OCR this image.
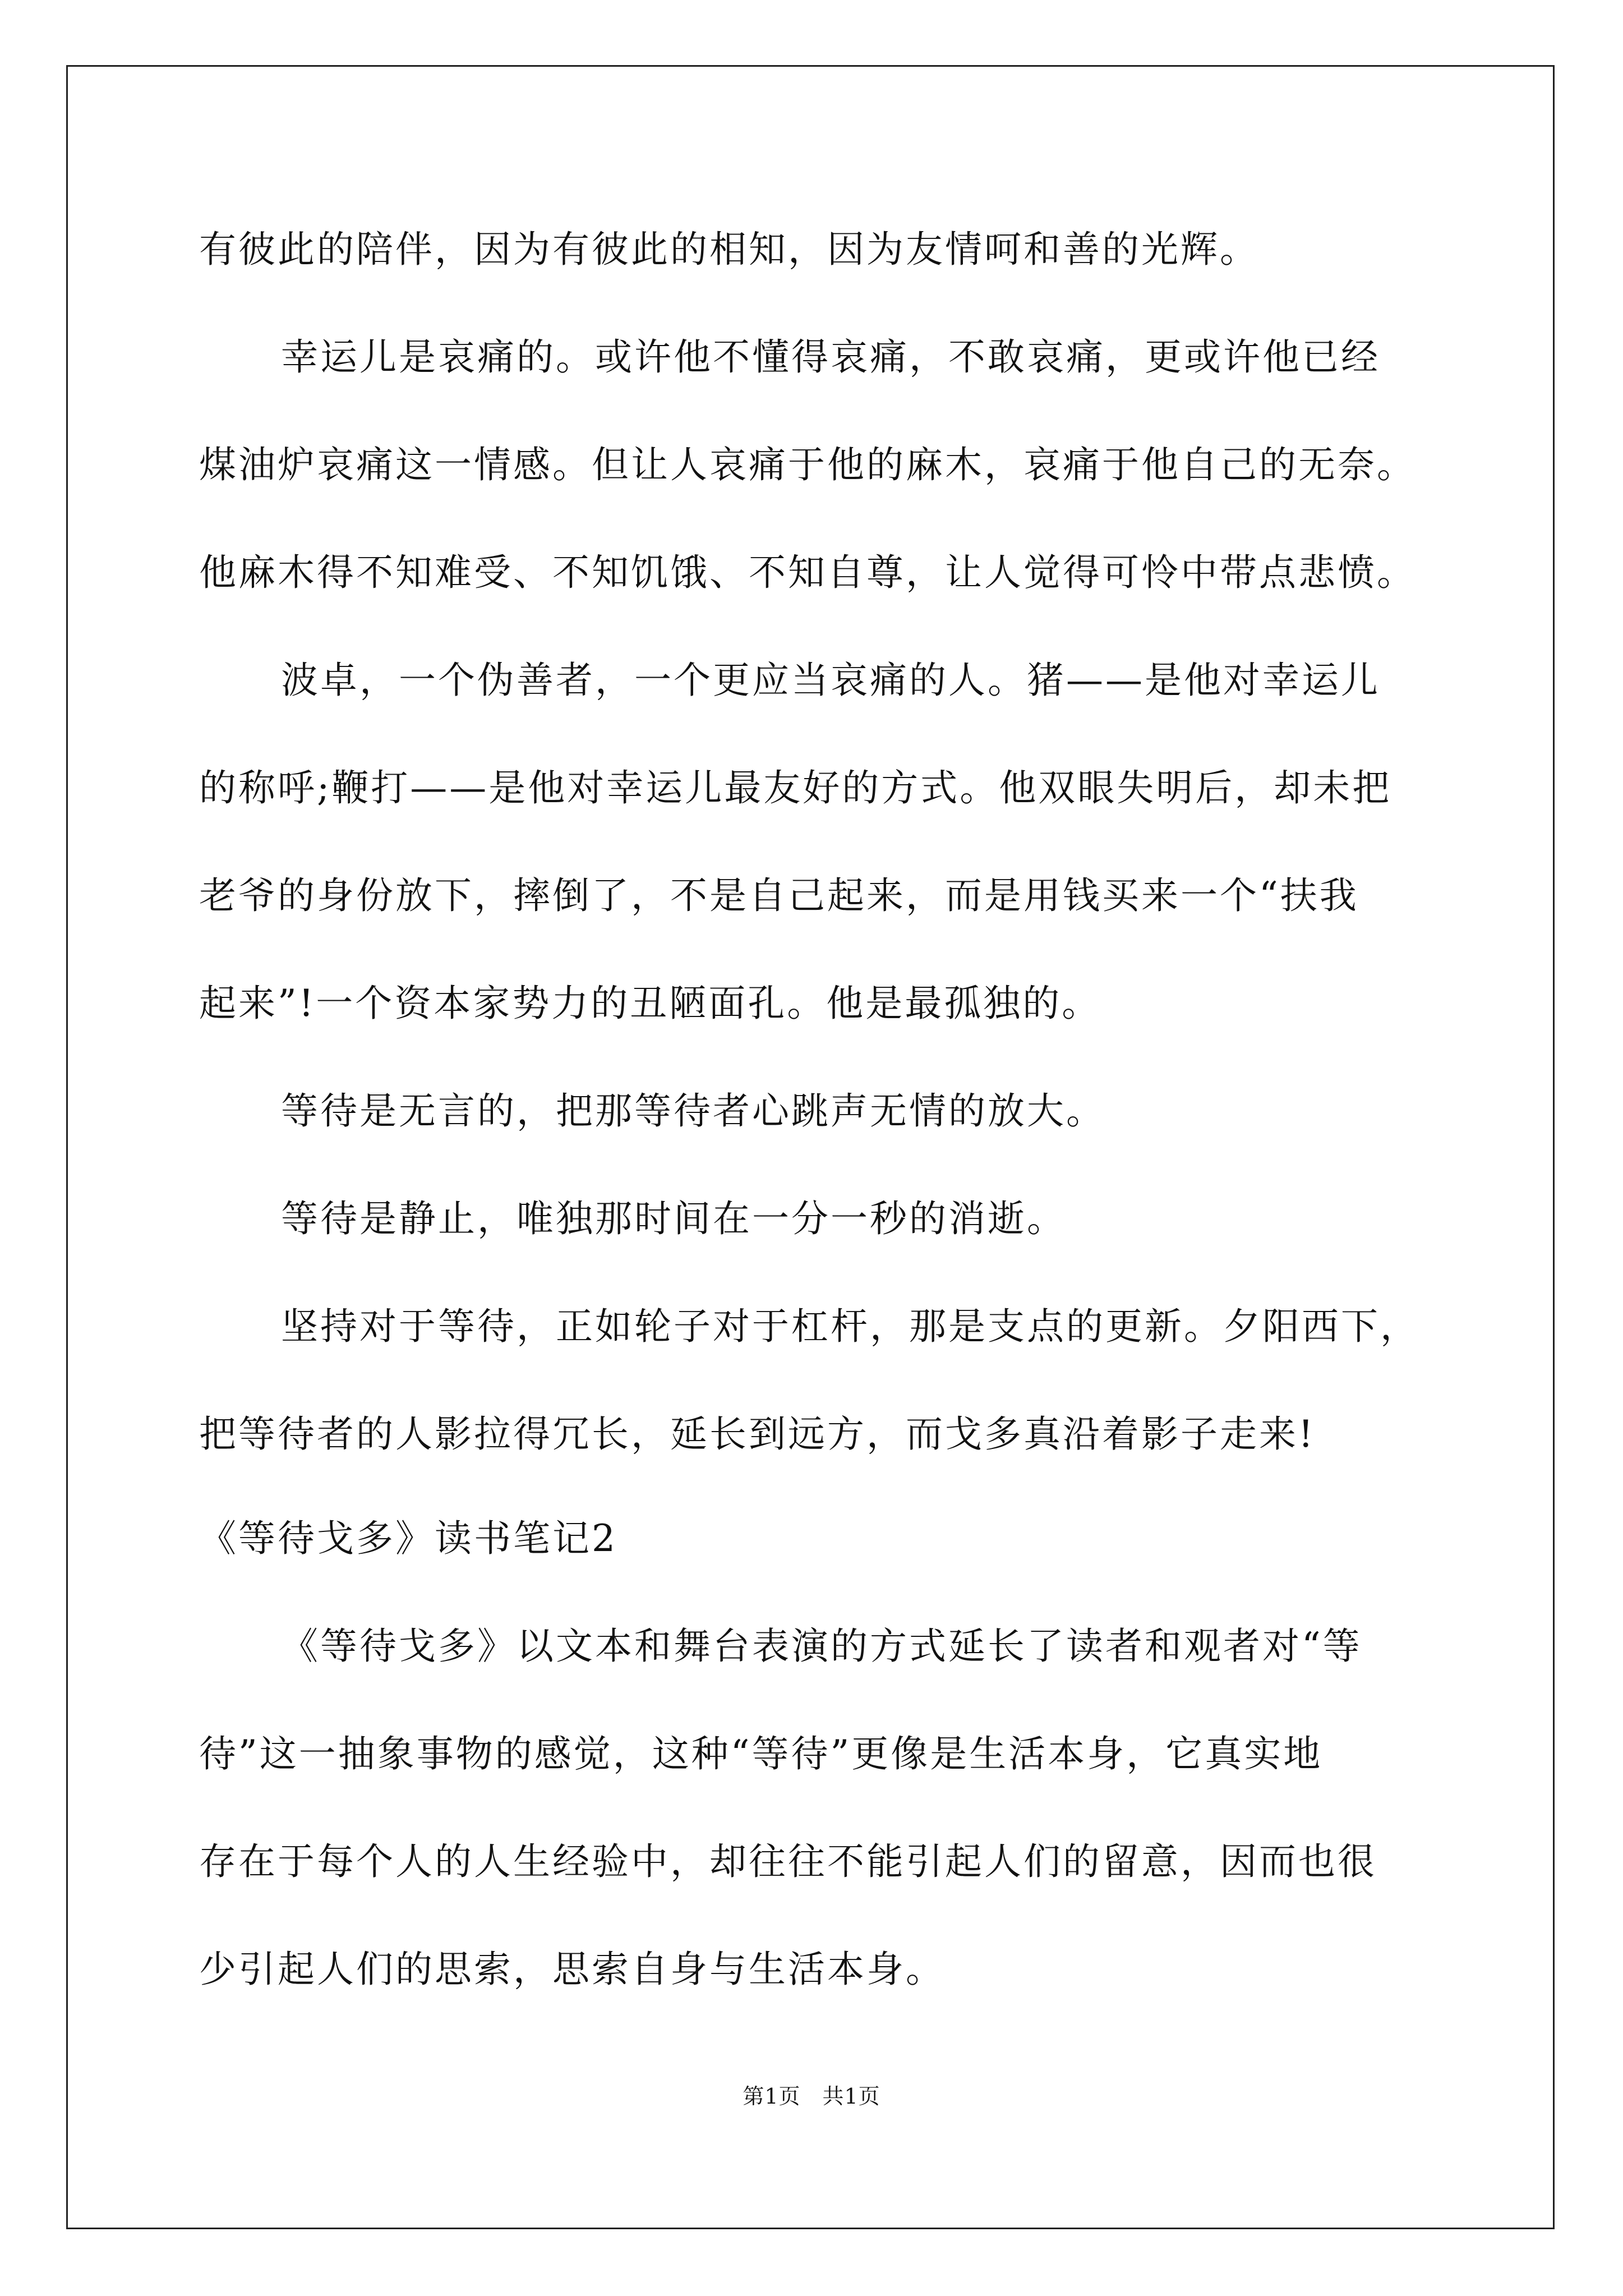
有彼此的陪伴，因为有彼此的相知，因为友情呵和善的光辉。
幸运儿是哀痛的。或许他不懂得哀痛，不敢哀痛，更或许他已经
煤油炉哀痛这一情感。但让人哀痛于他的麻木，哀痛于他自己的无奈。
他麻木得不知难受、不知饥饿、不知自尊，让人觉得可怜中带点悲愤。
波卓，一个伪善者，一个更应当哀痛的人。猪——是他对幸运儿
的称呼;鞭打——是他对幸运儿最友好的方式。他双眼失明后，却未把
老爷的身份放下，摔倒了，不是自己起来，而是用钱买来一个“扶我
起来”!一个资本家势力的丑陋面孔。他是最孤独的。
等待是无言的，把那等待者心跳声无情的放大。
等待是静止，唯独那时间在一分一秒的消逝。
坚持对于等待，正如轮子对于杠杆，那是支点的更新。夕阳西下，
把等待者的人影拉得冗长，延长到远方，而戈多真沿着影子走来!
《等待戈多》读书笔记2
《等待戈多》以文本和舞台表演的方式延长了读者和观者对“等
待”这一抽象事物的感觉，这种“等待”更像是生活本身，它真实地
存在于每个人的人生经验中，却往往不能引起人们的留意，因而也很
少引起人们的思索，思索自身与生活本身。
第1页　共1页
